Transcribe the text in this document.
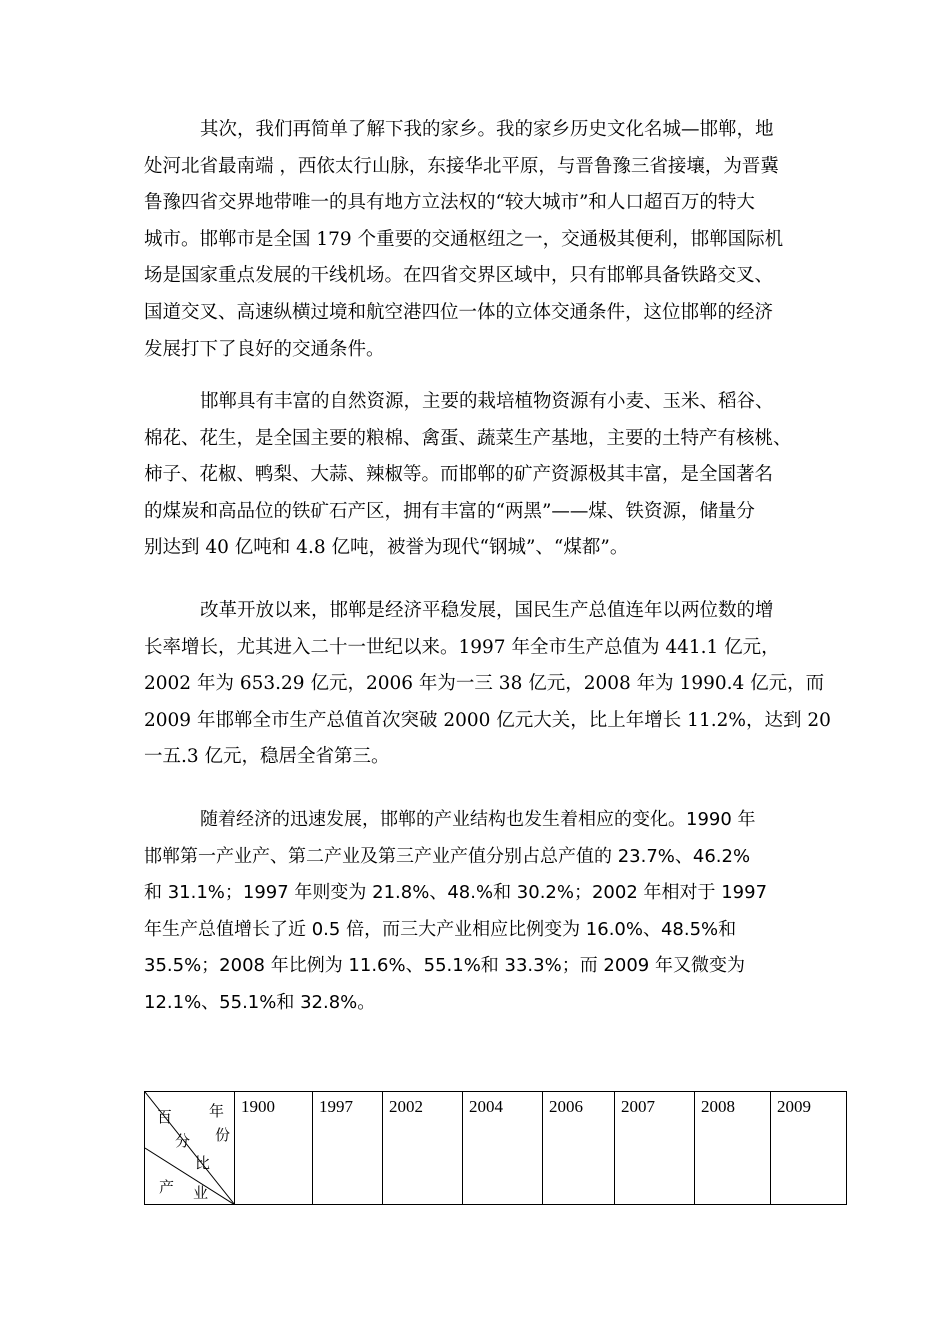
其次，我们再简单了解下我的家乡。我的家乡历史文化名城—邯郸，地
处河北省最南端 ，西依太行山脉，东接华北平原，与晋鲁豫三省接壤，为晋冀
鲁豫四省交界地带唯一的具有地方立法权的“较大城市”和人口超百万的特大
城市。邯郸市是全国 179 个重要的交通枢纽之一，交通极其便利，邯郸国际机
场是国家重点发展的干线机场。在四省交界区域中，只有邯郸具备铁路交叉、
国道交叉、高速纵横过境和航空港四位一体的立体交通条件，这位邯郸的经济
发展打下了良好的交通条件。
邯郸具有丰富的自然资源，主要的栽培植物资源有小麦、玉米、稻谷、
棉花、花生，是全国主要的粮棉、禽蛋、蔬菜生产基地，主要的土特产有核桃、
柿子、花椒、鸭梨、大蒜、辣椒等。而邯郸的矿产资源极其丰富，是全国著名
的煤炭和高品位的铁矿石产区，拥有丰富的“两黑”——煤、铁资源，储量分
别达到 40 亿吨和 4.8 亿吨，被誉为现代“钢城”、“煤都”。
改革开放以来，邯郸是经济平稳发展，国民生产总值连年以两位数的增
长率增长，尤其进入二十一世纪以来。1997 年全市生产总值为 441.1 亿元，
2002 年为 653.29 亿元，2006 年为一三 38 亿元，2008 年为 1990.4 亿元，而
2009 年邯郸全市生产总值首次突破 2000 亿元大关，比上年增长 11.2%，达到 20
一五.3 亿元，稳居全省第三。
随着经济的迅速发展，邯郸的产业结构也发生着相应的变化。1990 年
邯郸第一产业产、第二产业及第三产业产值分别占总产值的 23.7%、46.2%
和 31.1%；1997 年则变为 21.8%、48.%和 30.2%；2002 年相对于 1997
年生产总值增长了近 0.5 倍，而三大产业相应比例变为 16.0%、48.5%和
35.5%；2008 年比例为 11.6%、55.1%和 33.3%；而 2009 年又微变为
12.1%、55.1%和 32.8%。
百
分
年
份
比
产 业
	1900	1997	2002	2004	2006	2007	2008	2009
